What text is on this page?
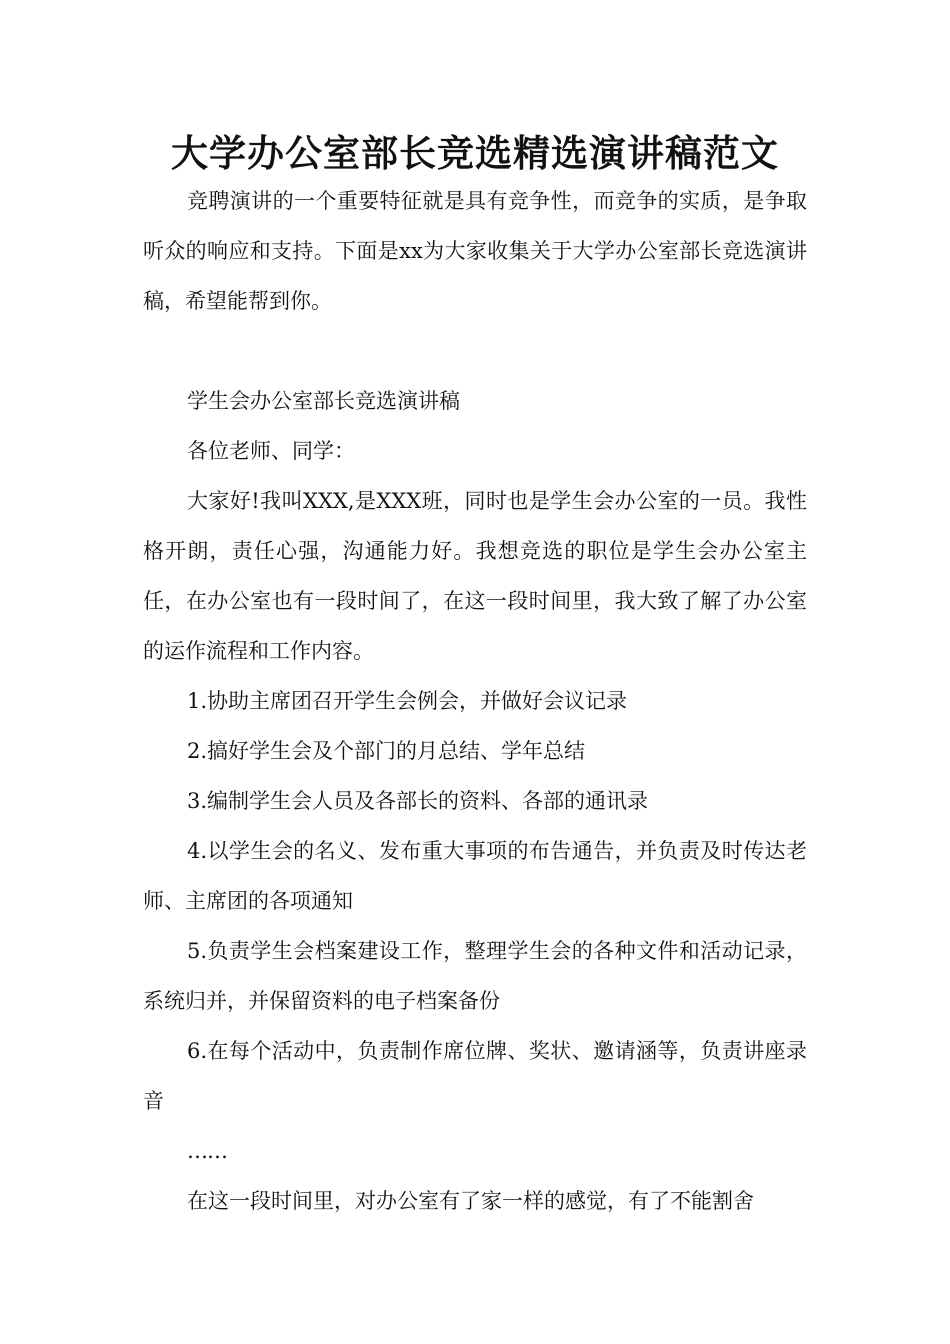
大学办公室部长竞选精选演讲稿范文

竞聘演讲的一个重要特征就是具有竞争性，而竞争的实质，是争取听众的响应和支持。下面是xx为大家收集关于大学办公室部长竞选演讲稿，希望能帮到你。

学生会办公室部长竞选演讲稿

各位老师、同学：

大家好!我叫XXX,是XXX班，同时也是学生会办公室的一员。我性格开朗，责任心强，沟通能力好。我想竞选的职位是学生会办公室主任，在办公室也有一段时间了，在这一段时间里，我大致了解了办公室的运作流程和工作内容。

1.协助主席团召开学生会例会，并做好会议记录

2.搞好学生会及个部门的月总结、学年总结

3.编制学生会人员及各部长的资料、各部的通讯录

4.以学生会的名义、发布重大事项的布告通告，并负责及时传达老师、主席团的各项通知

5.负责学生会档案建设工作，整理学生会的各种文件和活动记录，系统归并，并保留资料的电子档案备份

6.在每个活动中，负责制作席位牌、奖状、邀请涵等，负责讲座录音

……

在这一段时间里，对办公室有了家一样的感觉，有了不能割舍
